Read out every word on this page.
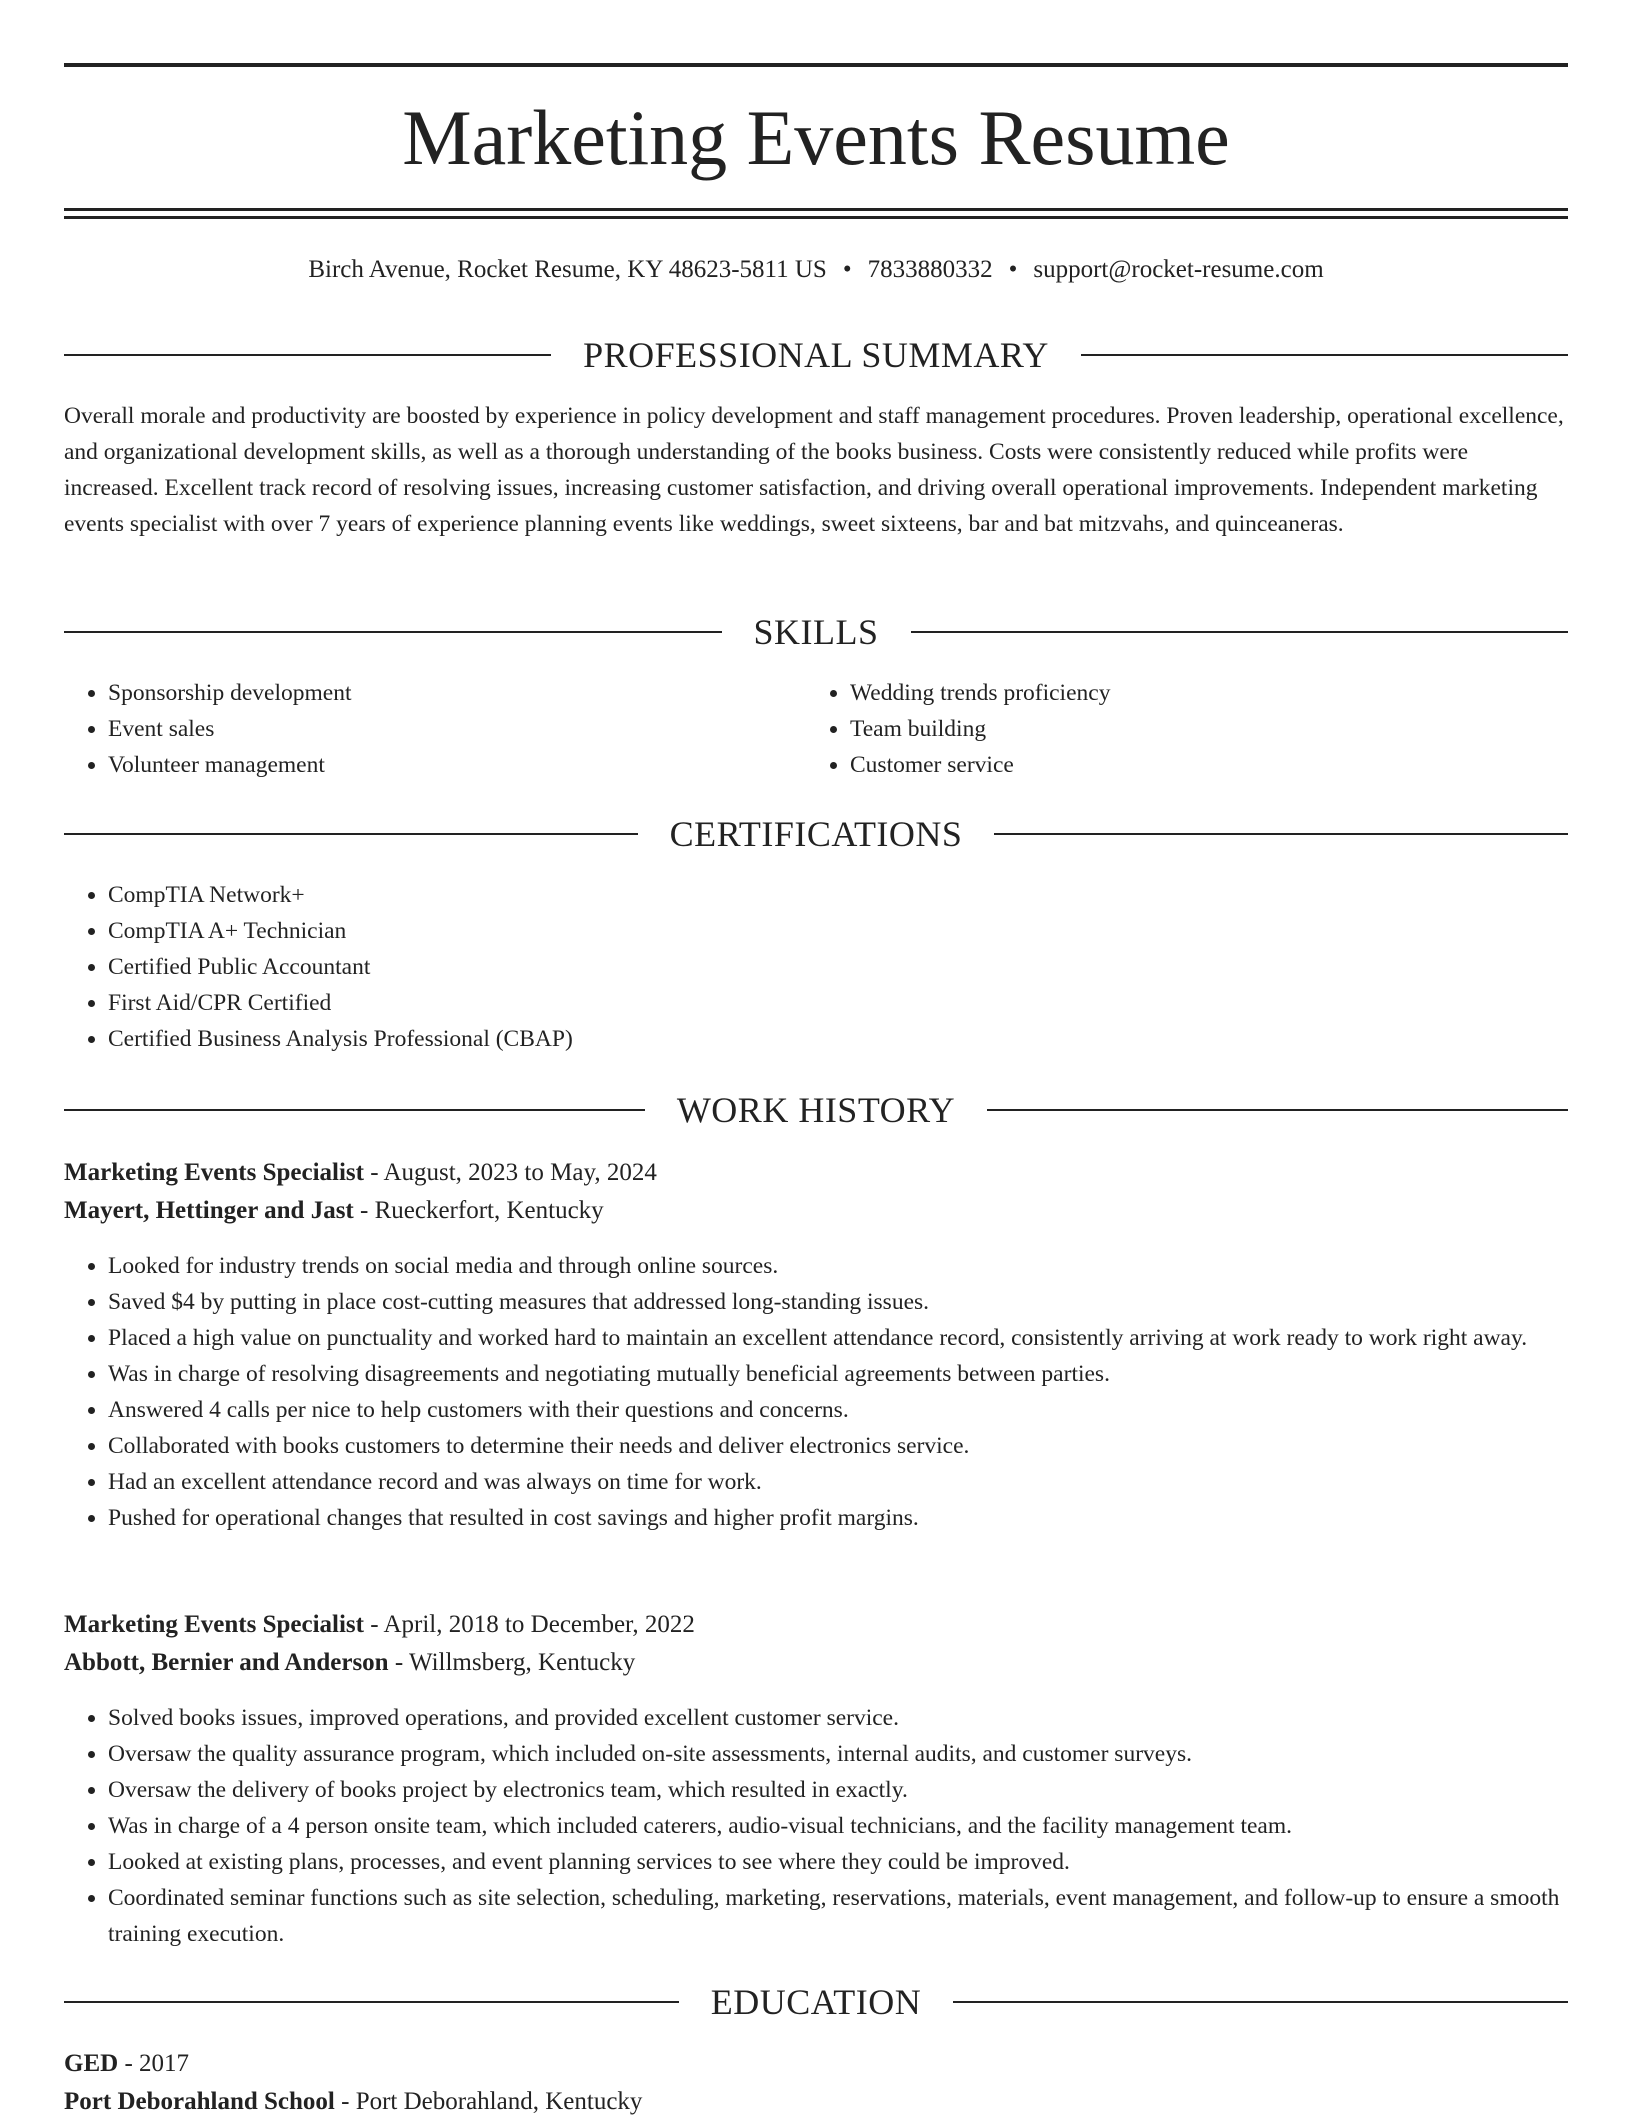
Marketing Events Resume
Birch Avenue, Rocket Resume, KY 48623-5811 US • 7833880332 • support@rocket-resume.com
PROFESSIONAL SUMMARY

Overall morale and productivity are boosted by experience in policy development and staff management procedures. Proven leadership, operational excellence, and organizational development skills, as well as a thorough understanding of the books business. Costs were consistently reduced while profits were increased. Excellent track record of resolving issues, increasing customer satisfaction, and driving overall operational improvements. Independent marketing events specialist with over 7 years of experience planning events like weddings, sweet sixteens, bar and bat mitzvahs, and quinceaneras.

SKILLS
• Sponsorship development
• Event sales
• Volunteer management
• Wedding trends proficiency
• Team building
• Customer service
CERTIFICATIONS
• CompTIA Network+
• CompTIA A+ Technician
• Certified Public Accountant
• First Aid/CPR Certified
• Certified Business Analysis Professional (CBAP)
WORK HISTORY
Marketing Events Specialist - August, 2023 to May, 2024
Mayert, Hettinger and Jast - Rueckerfort, Kentucky
• Looked for industry trends on social media and through online sources.
• Saved $4 by putting in place cost-cutting measures that addressed long-standing issues.
• Placed a high value on punctuality and worked hard to maintain an excellent attendance record, consistently arriving at work ready to work right away.
• Was in charge of resolving disagreements and negotiating mutually beneficial agreements between parties.
• Answered 4 calls per nice to help customers with their questions and concerns.
• Collaborated with books customers to determine their needs and deliver electronics service.
• Had an excellent attendance record and was always on time for work.
• Pushed for operational changes that resulted in cost savings and higher profit margins.
Marketing Events Specialist - April, 2018 to December, 2022
Abbott, Bernier and Anderson - Willmsberg, Kentucky
• Solved books issues, improved operations, and provided excellent customer service.
• Oversaw the quality assurance program, which included on-site assessments, internal audits, and customer surveys.
• Oversaw the delivery of books project by electronics team, which resulted in exactly.
• Was in charge of a 4 person onsite team, which included caterers, audio-visual technicians, and the facility management team.
• Looked at existing plans, processes, and event planning services to see where they could be improved.
• Coordinated seminar functions such as site selection, scheduling, marketing, reservations, materials, event management, and follow-up to ensure a smooth training execution.
EDUCATION
GED - 2017
Port Deborahland School - Port Deborahland, Kentucky
